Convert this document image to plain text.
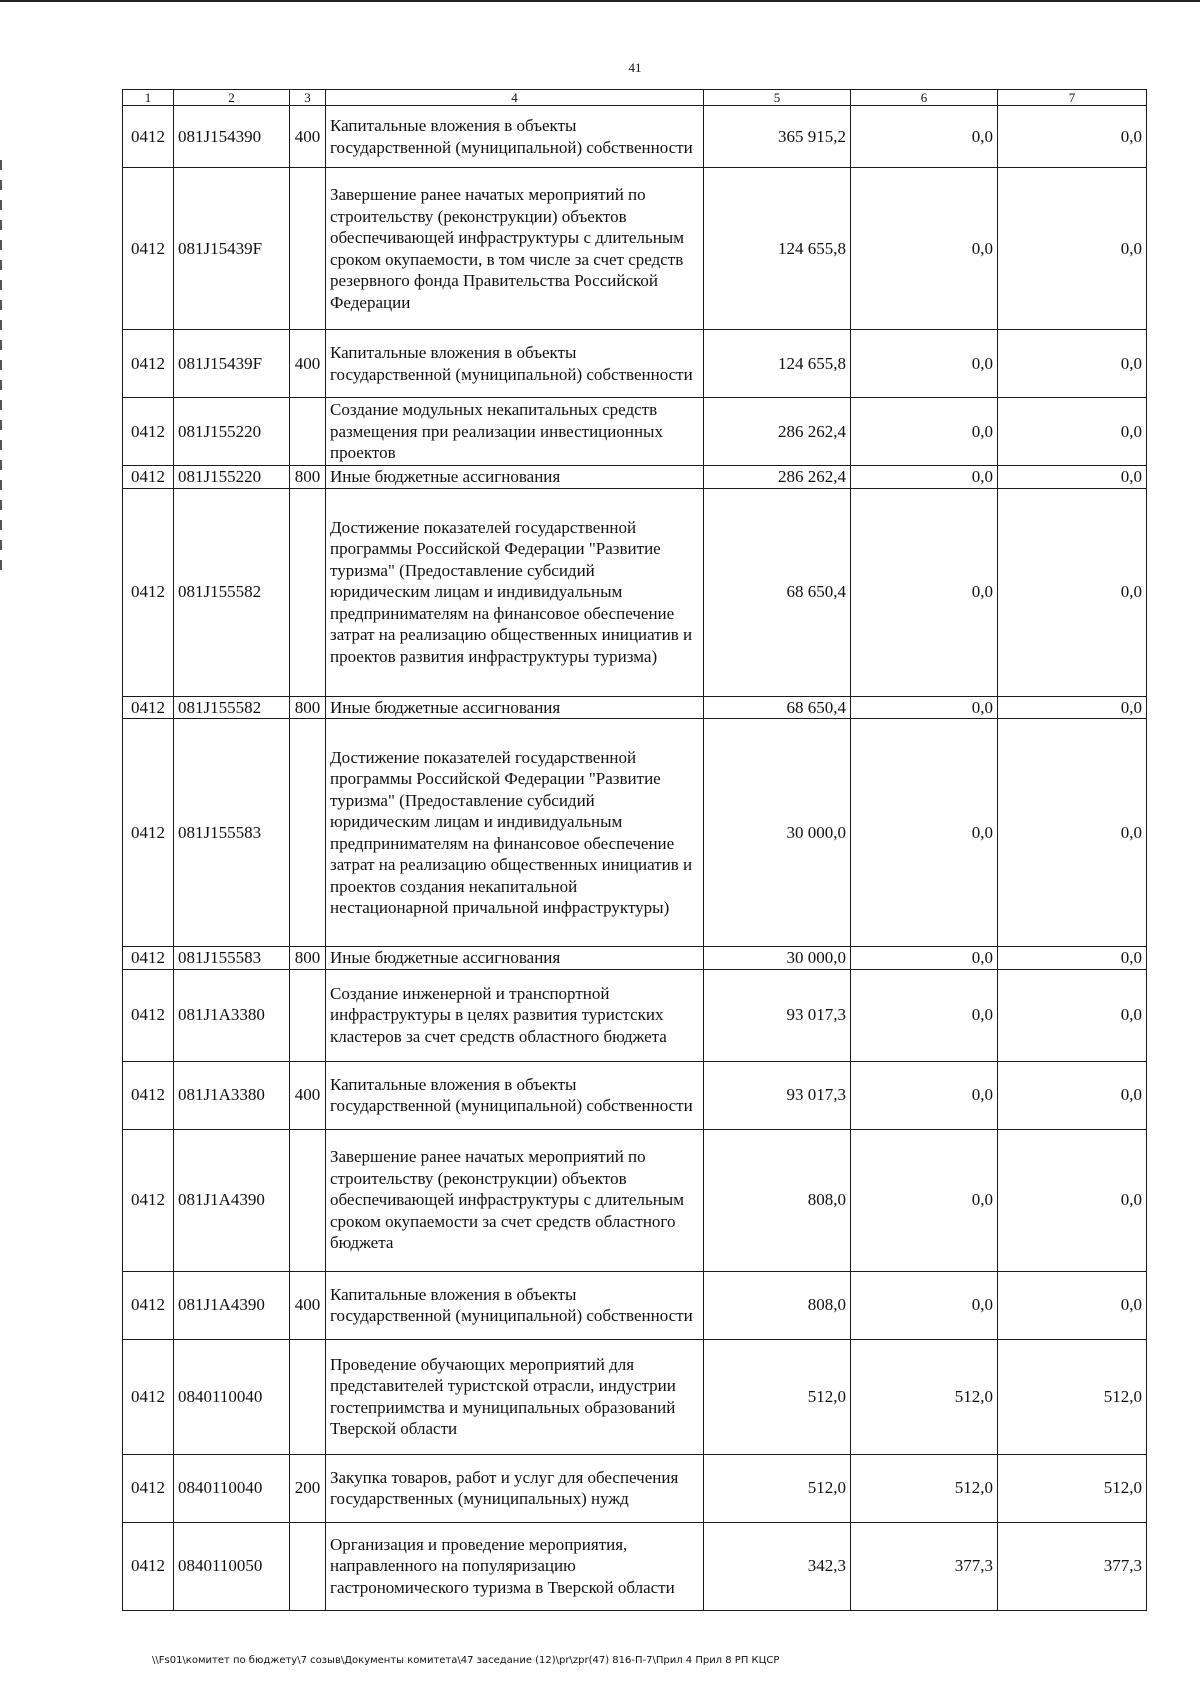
41
1	2	3	4	5	6	7
0412	081J154390	400	Капитальные вложения в объекты государственной (муниципальной) собственности	365 915,2	0,0	0,0
0412	081J15439F		Завершение ранее начатых мероприятий по строительству (реконструкции) объектов обеспечивающей инфраструктуры с длительным сроком окупаемости, в том числе за счет средств резервного фонда Правительства Российской Федерации	124 655,8	0,0	0,0
0412	081J15439F	400	Капитальные вложения в объекты государственной (муниципальной) собственности	124 655,8	0,0	0,0
0412	081J155220		Создание модульных некапитальных средств размещения при реализации инвестиционных проектов	286 262,4	0,0	0,0
0412	081J155220	800	Иные бюджетные ассигнования	286 262,4	0,0	0,0
0412	081J155582		Достижение показателей государственной программы Российской Федерации "Развитие туризма" (Предоставление субсидий юридическим лицам и индивидуальным предпринимателям на финансовое обеспечение затрат на реализацию общественных инициатив и проектов развития инфраструктуры туризма)	68 650,4	0,0	0,0
0412	081J155582	800	Иные бюджетные ассигнования	68 650,4	0,0	0,0
0412	081J155583		Достижение показателей государственной программы Российской Федерации "Развитие туризма" (Предоставление субсидий юридическим лицам и индивидуальным предпринимателям на финансовое обеспечение затрат на реализацию общественных инициатив и проектов создания некапитальной нестационарной причальной инфраструктуры)	30 000,0	0,0	0,0
0412	081J155583	800	Иные бюджетные ассигнования	30 000,0	0,0	0,0
0412	081J1A3380		Создание инженерной и транспортной инфраструктуры в целях развития туристских кластеров за счет средств областного бюджета	93 017,3	0,0	0,0
0412	081J1A3380	400	Капитальные вложения в объекты государственной (муниципальной) собственности	93 017,3	0,0	0,0
0412	081J1A4390		Завершение ранее начатых мероприятий по строительству (реконструкции) объектов обеспечивающей инфраструктуры с длительным сроком окупаемости за счет средств областного бюджета	808,0	0,0	0,0
0412	081J1A4390	400	Капитальные вложения в объекты государственной (муниципальной) собственности	808,0	0,0	0,0
0412	0840110040		Проведение обучающих мероприятий для представителей туристской отрасли, индустрии гостеприимства и муниципальных образований Тверской области	512,0	512,0	512,0
0412	0840110040	200	Закупка товаров, работ и услуг для обеспечения государственных (муниципальных) нужд	512,0	512,0	512,0
0412	0840110050		Организация и проведение мероприятия, направленного на популяризацию гастрономического туризма в Тверской области	342,3	377,3	377,3
\\Fs01\комитет по бюджету\7 созыв\Документы комитета\47 заседание (12)\pr\zpr(47) 816-П-7\Прил 4 Прил 8 РП КЦСР
